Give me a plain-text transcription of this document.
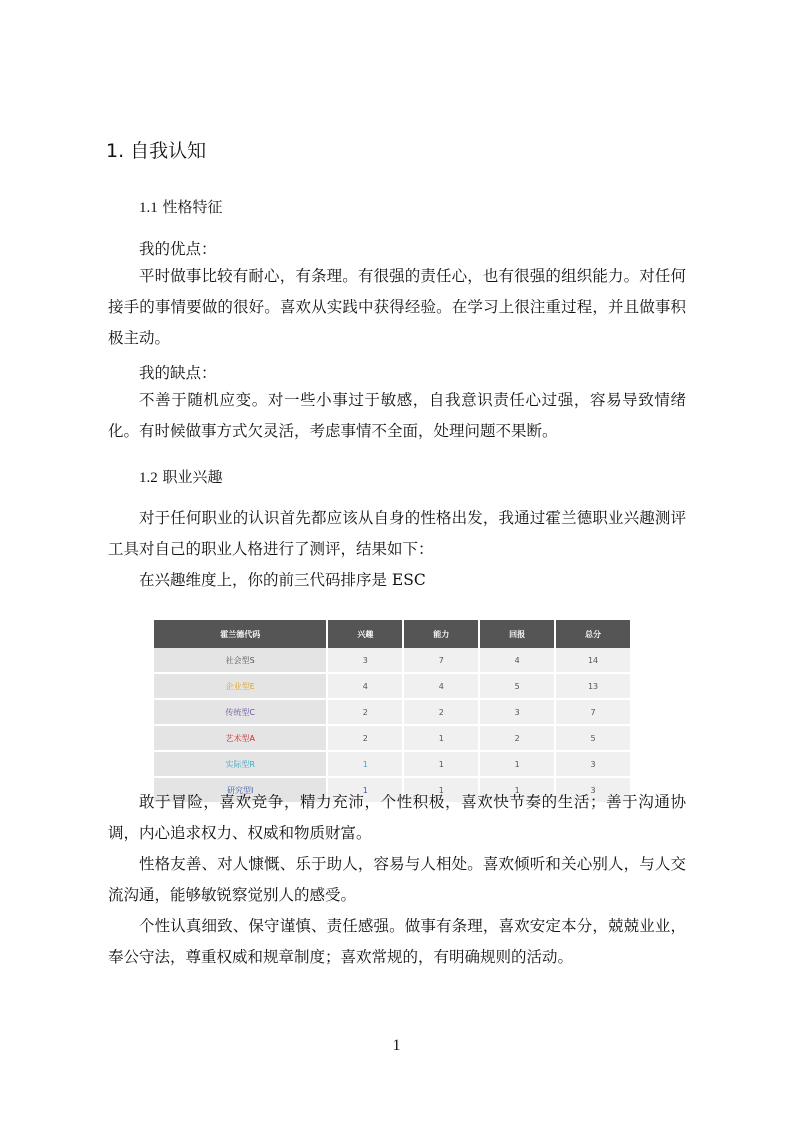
1. 自我认知
1.1 性格特征
我的优点：
平时做事比较有耐心，有条理。有很强的责任心，也有很强的组织能力。对任何接手的事情要做的很好。喜欢从实践中获得经验。在学习上很注重过程，并且做事积极主动。
我的缺点：
不善于随机应变。对一些小事过于敏感，自我意识责任心过强，容易导致情绪化。有时候做事方式欠灵活，考虑事情不全面，处理问题不果断。
1.2 职业兴趣
对于任何职业的认识首先都应该从自身的性格出发，我通过霍兰德职业兴趣测评工具对自己的职业人格进行了测评，结果如下：
在兴趣维度上，你的前三代码排序是 ESC
霍兰德代码	兴趣	能力	回报	总分
社会型S	3	7	4	14
企业型E	4	4	5	13
传统型C	2	2	3	7
艺术型A	2	1	2	5
实际型R	1	1	1	3
研究型I	1	1	1	3
敢于冒险，喜欢竞争，精力充沛，个性积极，喜欢快节奏的生活；善于沟通协调，内心追求权力、权威和物质财富。
性格友善、对人慷慨、乐于助人，容易与人相处。喜欢倾听和关心别人，与人交流沟通，能够敏锐察觉别人的感受。
个性认真细致、保守谨慎、责任感强。做事有条理，喜欢安定本分，兢兢业业，奉公守法，尊重权威和规章制度；喜欢常规的，有明确规则的活动。
1
